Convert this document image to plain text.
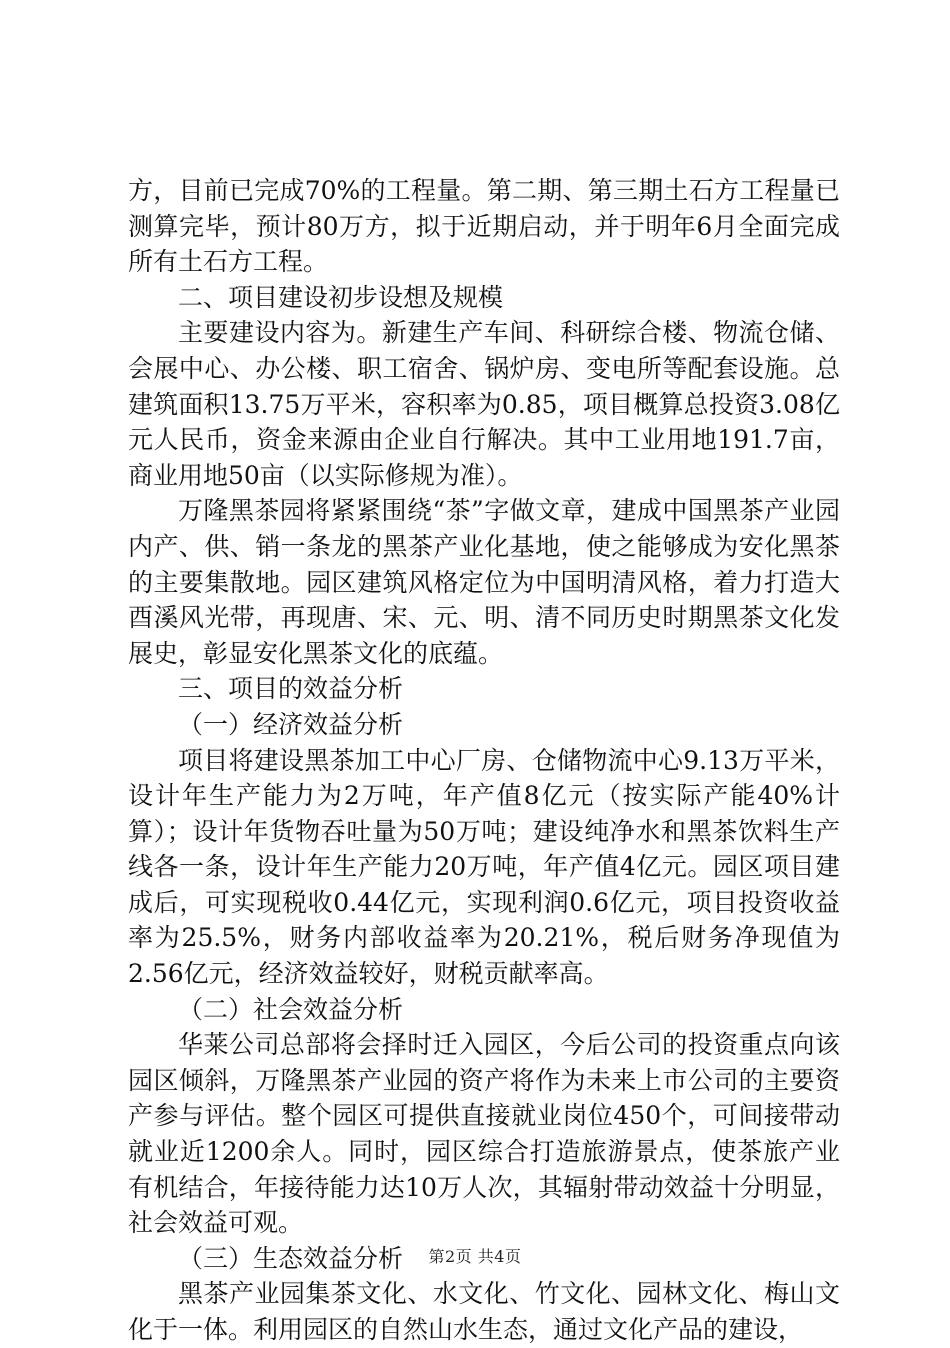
方，目前已完成70%的工程量。第二期、第三期土石方工程量已测算完毕，预计80万方，拟于近期启动，并于明年6月全面完成所有土石方工程。

二、项目建设初步设想及规模

主要建设内容为。新建生产车间、科研综合楼、物流仓储、会展中心、办公楼、职工宿舍、锅炉房、变电所等配套设施。总建筑面积13.75万平米，容积率为0.85，项目概算总投资3.08亿元人民币，资金来源由企业自行解决。其中工业用地191.7亩，商业用地50亩（以实际修规为准）。

万隆黑茶园将紧紧围绕“茶”字做文章，建成中国黑茶产业园内产、供、销一条龙的黑茶产业化基地，使之能够成为安化黑茶的主要集散地。园区建筑风格定位为中国明清风格，着力打造大酉溪风光带，再现唐、宋、元、明、清不同历史时期黑茶文化发展史，彰显安化黑茶文化的底蕴。

三、项目的效益分析

（一）经济效益分析

项目将建设黑茶加工中心厂房、仓储物流中心9.13万平米，设计年生产能力为2万吨，年产值8亿元（按实际产能40%计算）；设计年货物吞吐量为50万吨；建设纯净水和黑茶饮料生产线各一条，设计年生产能力20万吨，年产值4亿元。园区项目建成后，可实现税收0.44亿元，实现利润0.6亿元，项目投资收益率为25.5%，财务内部收益率为20.21%，税后财务净现值为2.56亿元，经济效益较好，财税贡献率高。

（二）社会效益分析

华莱公司总部将会择时迁入园区，今后公司的投资重点向该园区倾斜，万隆黑茶产业园的资产将作为未来上市公司的主要资产参与评估。整个园区可提供直接就业岗位450个，可间接带动就业近1200余人。同时，园区综合打造旅游景点，使茶旅产业有机结合，年接待能力达10万人次，其辐射带动效益十分明显，社会效益可观。

（三）生态效益分析

黑茶产业园集茶文化、水文化、竹文化、园林文化、梅山文化于一体。利用园区的自然山水生态，通过文化产品的建设，

第2页 共4页
